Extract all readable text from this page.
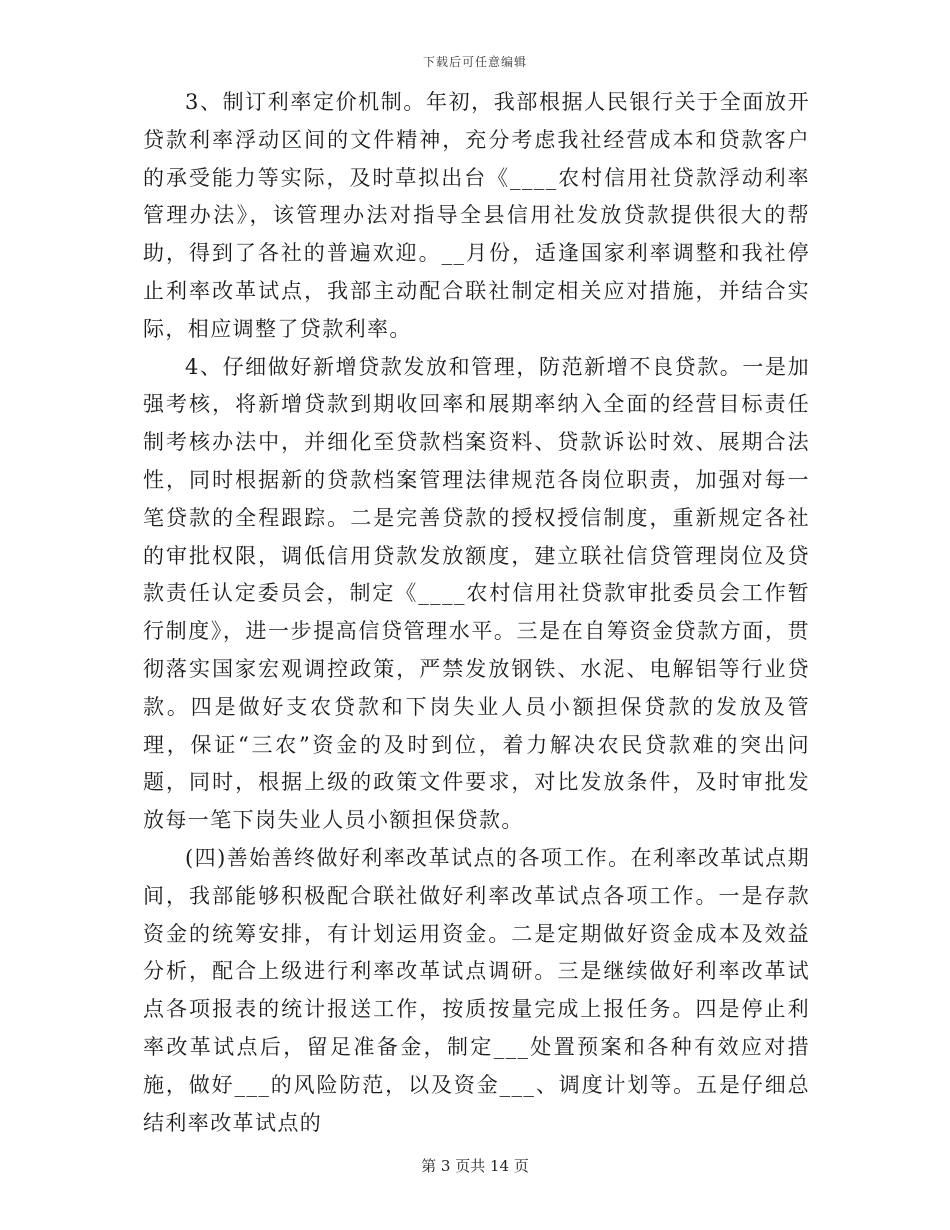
下载后可任意编辑

3、制订利率定价机制。年初，我部根据人民银行关于全面放开贷款利率浮动区间的文件精神，充分考虑我社经营成本和贷款客户的承受能力等实际，及时草拟出台《____农村信用社贷款浮动利率管理办法》，该管理办法对指导全县信用社发放贷款提供很大的帮助，得到了各社的普遍欢迎。__月份，适逢国家利率调整和我社停止利率改革试点，我部主动配合联社制定相关应对措施，并结合实际，相应调整了贷款利率。

4、仔细做好新增贷款发放和管理，防范新增不良贷款。一是加强考核，将新增贷款到期收回率和展期率纳入全面的经营目标责任制考核办法中，并细化至贷款档案资料、贷款诉讼时效、展期合法性，同时根据新的贷款档案管理法律规范各岗位职责，加强对每一笔贷款的全程跟踪。二是完善贷款的授权授信制度，重新规定各社的审批权限，调低信用贷款发放额度，建立联社信贷管理岗位及贷款责任认定委员会，制定《____农村信用社贷款审批委员会工作暂行制度》，进一步提高信贷管理水平。三是在自筹资金贷款方面，贯彻落实国家宏观调控政策，严禁发放钢铁、水泥、电解铝等行业贷款。四是做好支农贷款和下岗失业人员小额担保贷款的发放及管理，保证“三农”资金的及时到位，着力解决农民贷款难的突出问题，同时，根据上级的政策文件要求，对比发放条件，及时审批发放每一笔下岗失业人员小额担保贷款。

(四)善始善终做好利率改革试点的各项工作。在利率改革试点期间，我部能够积极配合联社做好利率改革试点各项工作。一是存款资金的统筹安排，有计划运用资金。二是定期做好资金成本及效益分析，配合上级进行利率改革试点调研。三是继续做好利率改革试点各项报表的统计报送工作，按质按量完成上报任务。四是停止利率改革试点后，留足准备金，制定___处置预案和各种有效应对措施，做好___的风险防范，以及资金___、调度计划等。五是仔细总结利率改革试点的

第 3 页共 14 页
